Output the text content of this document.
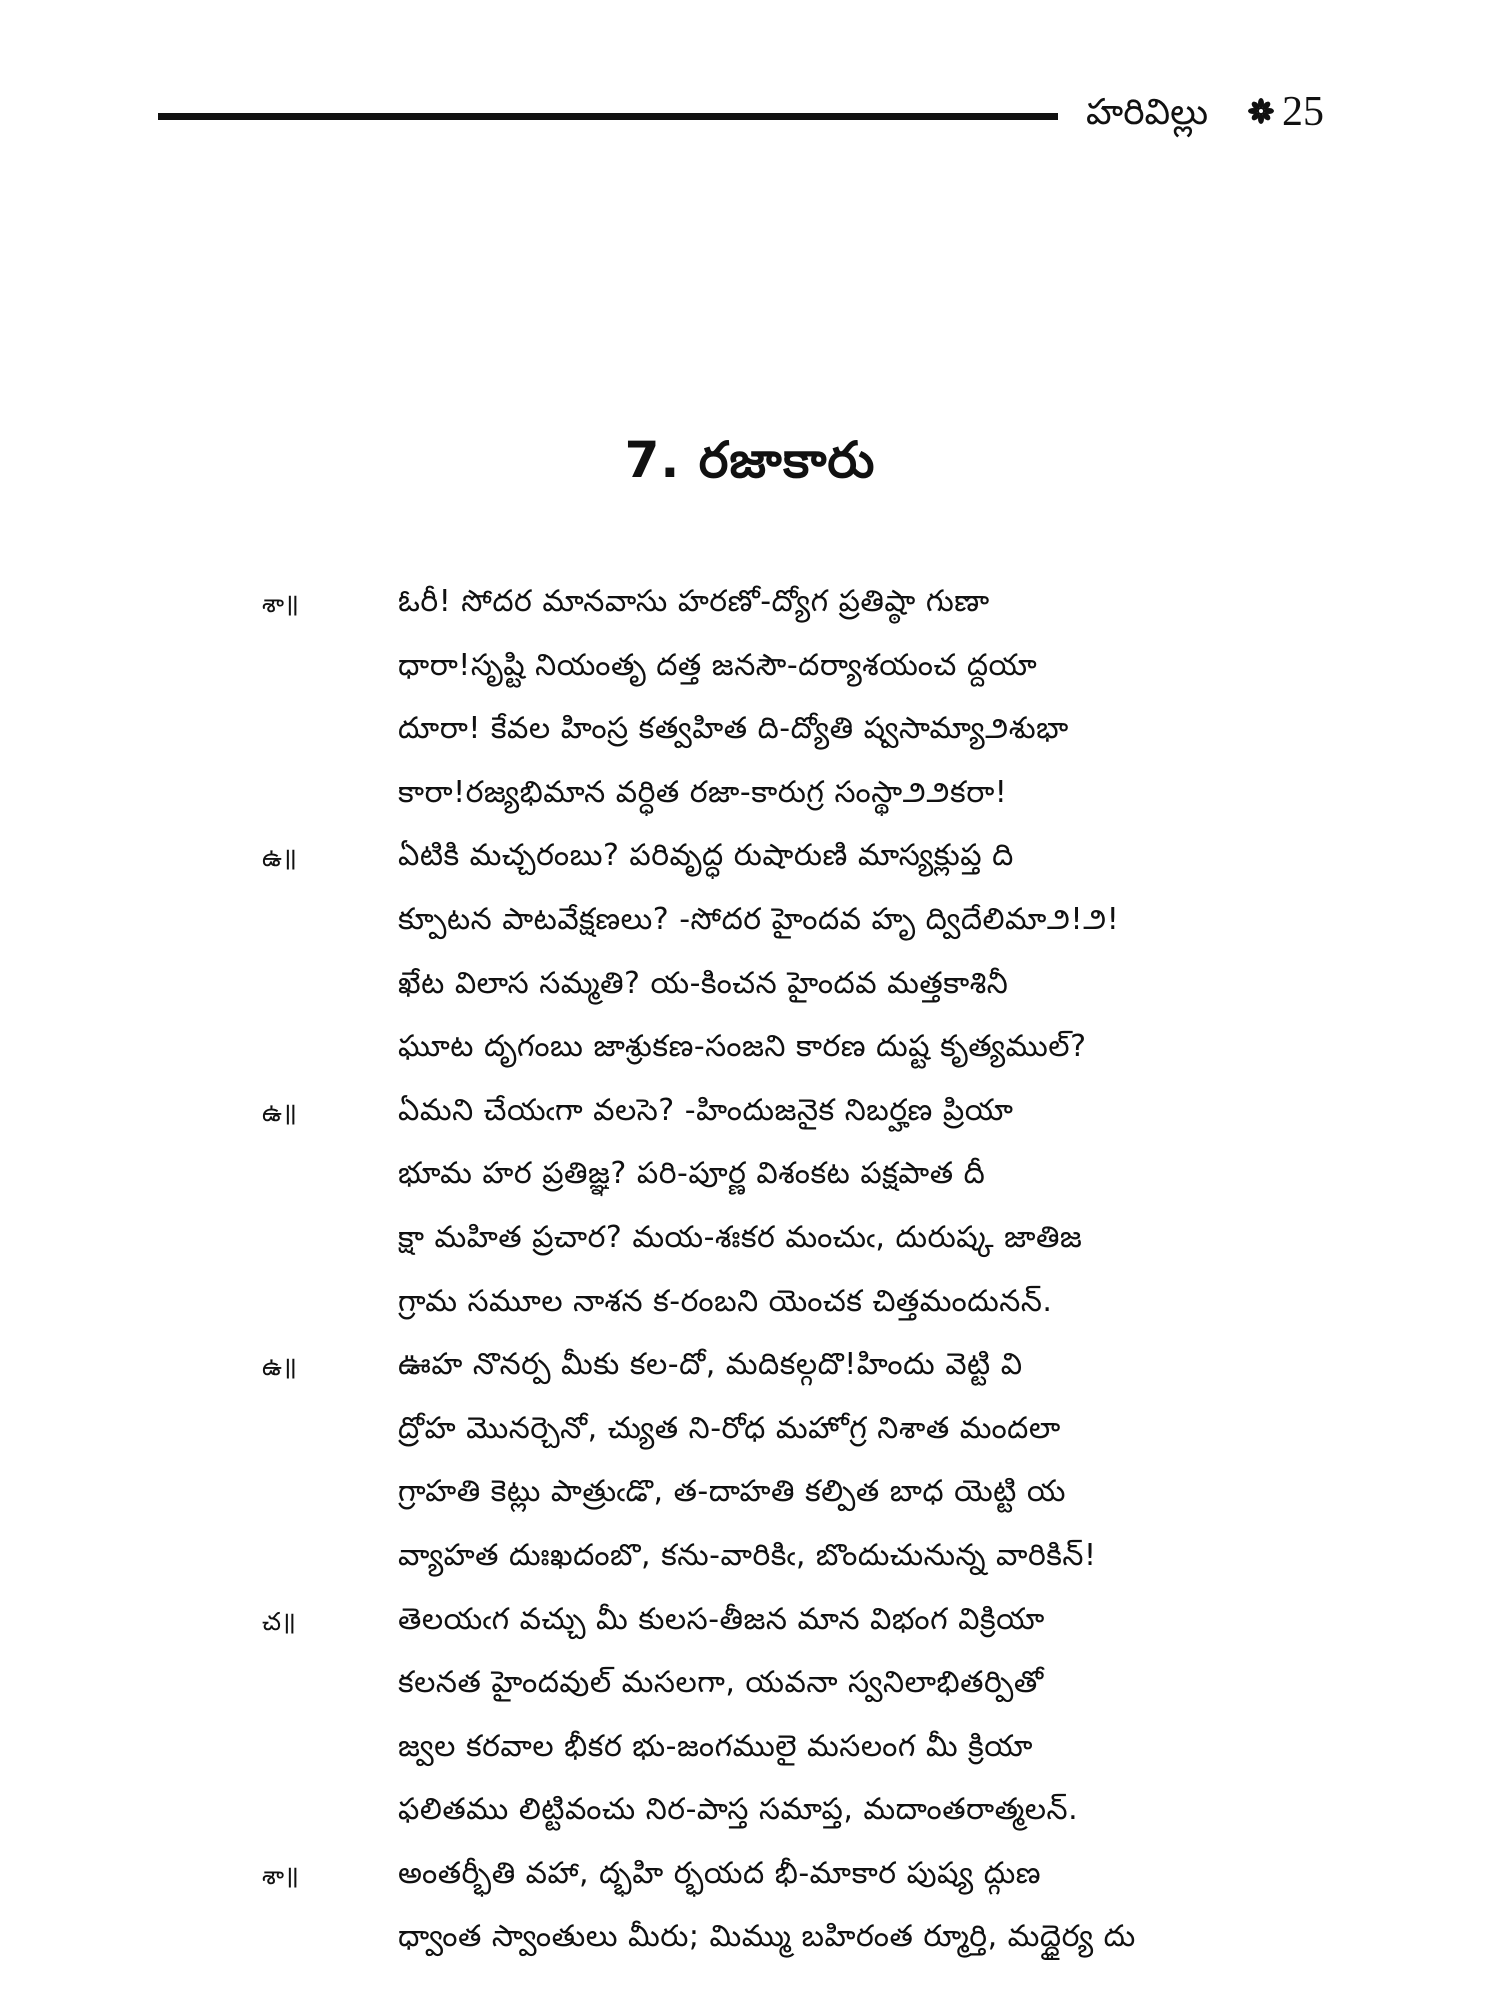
హరివిల్లు 25
7. రజాకారు
శా॥	ఓరీ! సోదర మానవాసు హరణో-ద్యోగ ప్రతిష్ఠా గుణా
ధారా!సృష్టి నియంతృ దత్త జనసౌ-దర్యాశయంచ ద్దయా
దూరా! కేవల హింస్ర కత్వహిత ది-ద్యోతి ష్వసామ్యా౨శుభా
కారా!రజ్యభిమాన వర్ధిత రజా-కారుగ్ర సంస్థా౨౨కరా!
ఉ॥	ఏటికి మచ్చరంబు? పరివృద్ధ రుషారుణి మాస్యక్లుప్త ది
క్పూటన పాటవేక్షణలు? -సోదర హైందవ హృ ద్విదేలిమా౨!౨!
ఖేట విలాస సమ్మతి? య-కించన హైందవ మత్తకాశినీ
ఘూట దృగంబు జాశ్రుకణ-సంజని కారణ దుష్ట కృత్యముల్?
ఉ॥	ఏమని చేయఁగా వలసె? -హిందుజనైక నిబర్హణ ప్రియా
భూమ హర ప్రతిజ్ఞ? పరి-పూర్ణ విశంకట పక్షపాత దీ
క్షా మహిత ప్రచార? మయ-శఃకర మంచుఁ, దురుష్క జాతిజ
గ్రామ సమూల నాశన క-రంబని యెంచక చిత్తమందునన్.
ఉ॥	ఊహ నొనర్ప మీకు కల-దో, మదికల్గదొ!హిందు వెట్టి వి
ద్రోహ మొనర్చెనో, చ్యుత ని-రోధ మహోగ్ర నిశాత మందలా
గ్రాహతి కెట్లు పాత్రుఁడొ, త-దాహతి కల్పిత బాధ యెట్టి య
వ్యాహత దుఃఖదంబొ, కను-వారికిఁ, బొందుచునున్న వారికిన్!
చ॥	తెలయఁగ వచ్చు మీ కులస-తీజన మాన విభంగ విక్రియా
కలనత హైందవుల్ మసలగా, యవనా స్వనిలాభితర్పితో
జ్వల కరవాల భీకర భు-జంగములై మసలంగ మీ క్రియా
ఫలితము లిట్టివంచు నిర-పాస్త సమాప్త, మదాంతరాత్మలన్.
శా॥	అంతర్భీతి వహా, ద్భహి ర్భయద భీ-మాకార పుష్య ద్గుణ
ధ్వాంత స్వాంతులు మీరు; మిమ్ము బహిరంత ర్మూర్తి, మద్ధైర్య దు
